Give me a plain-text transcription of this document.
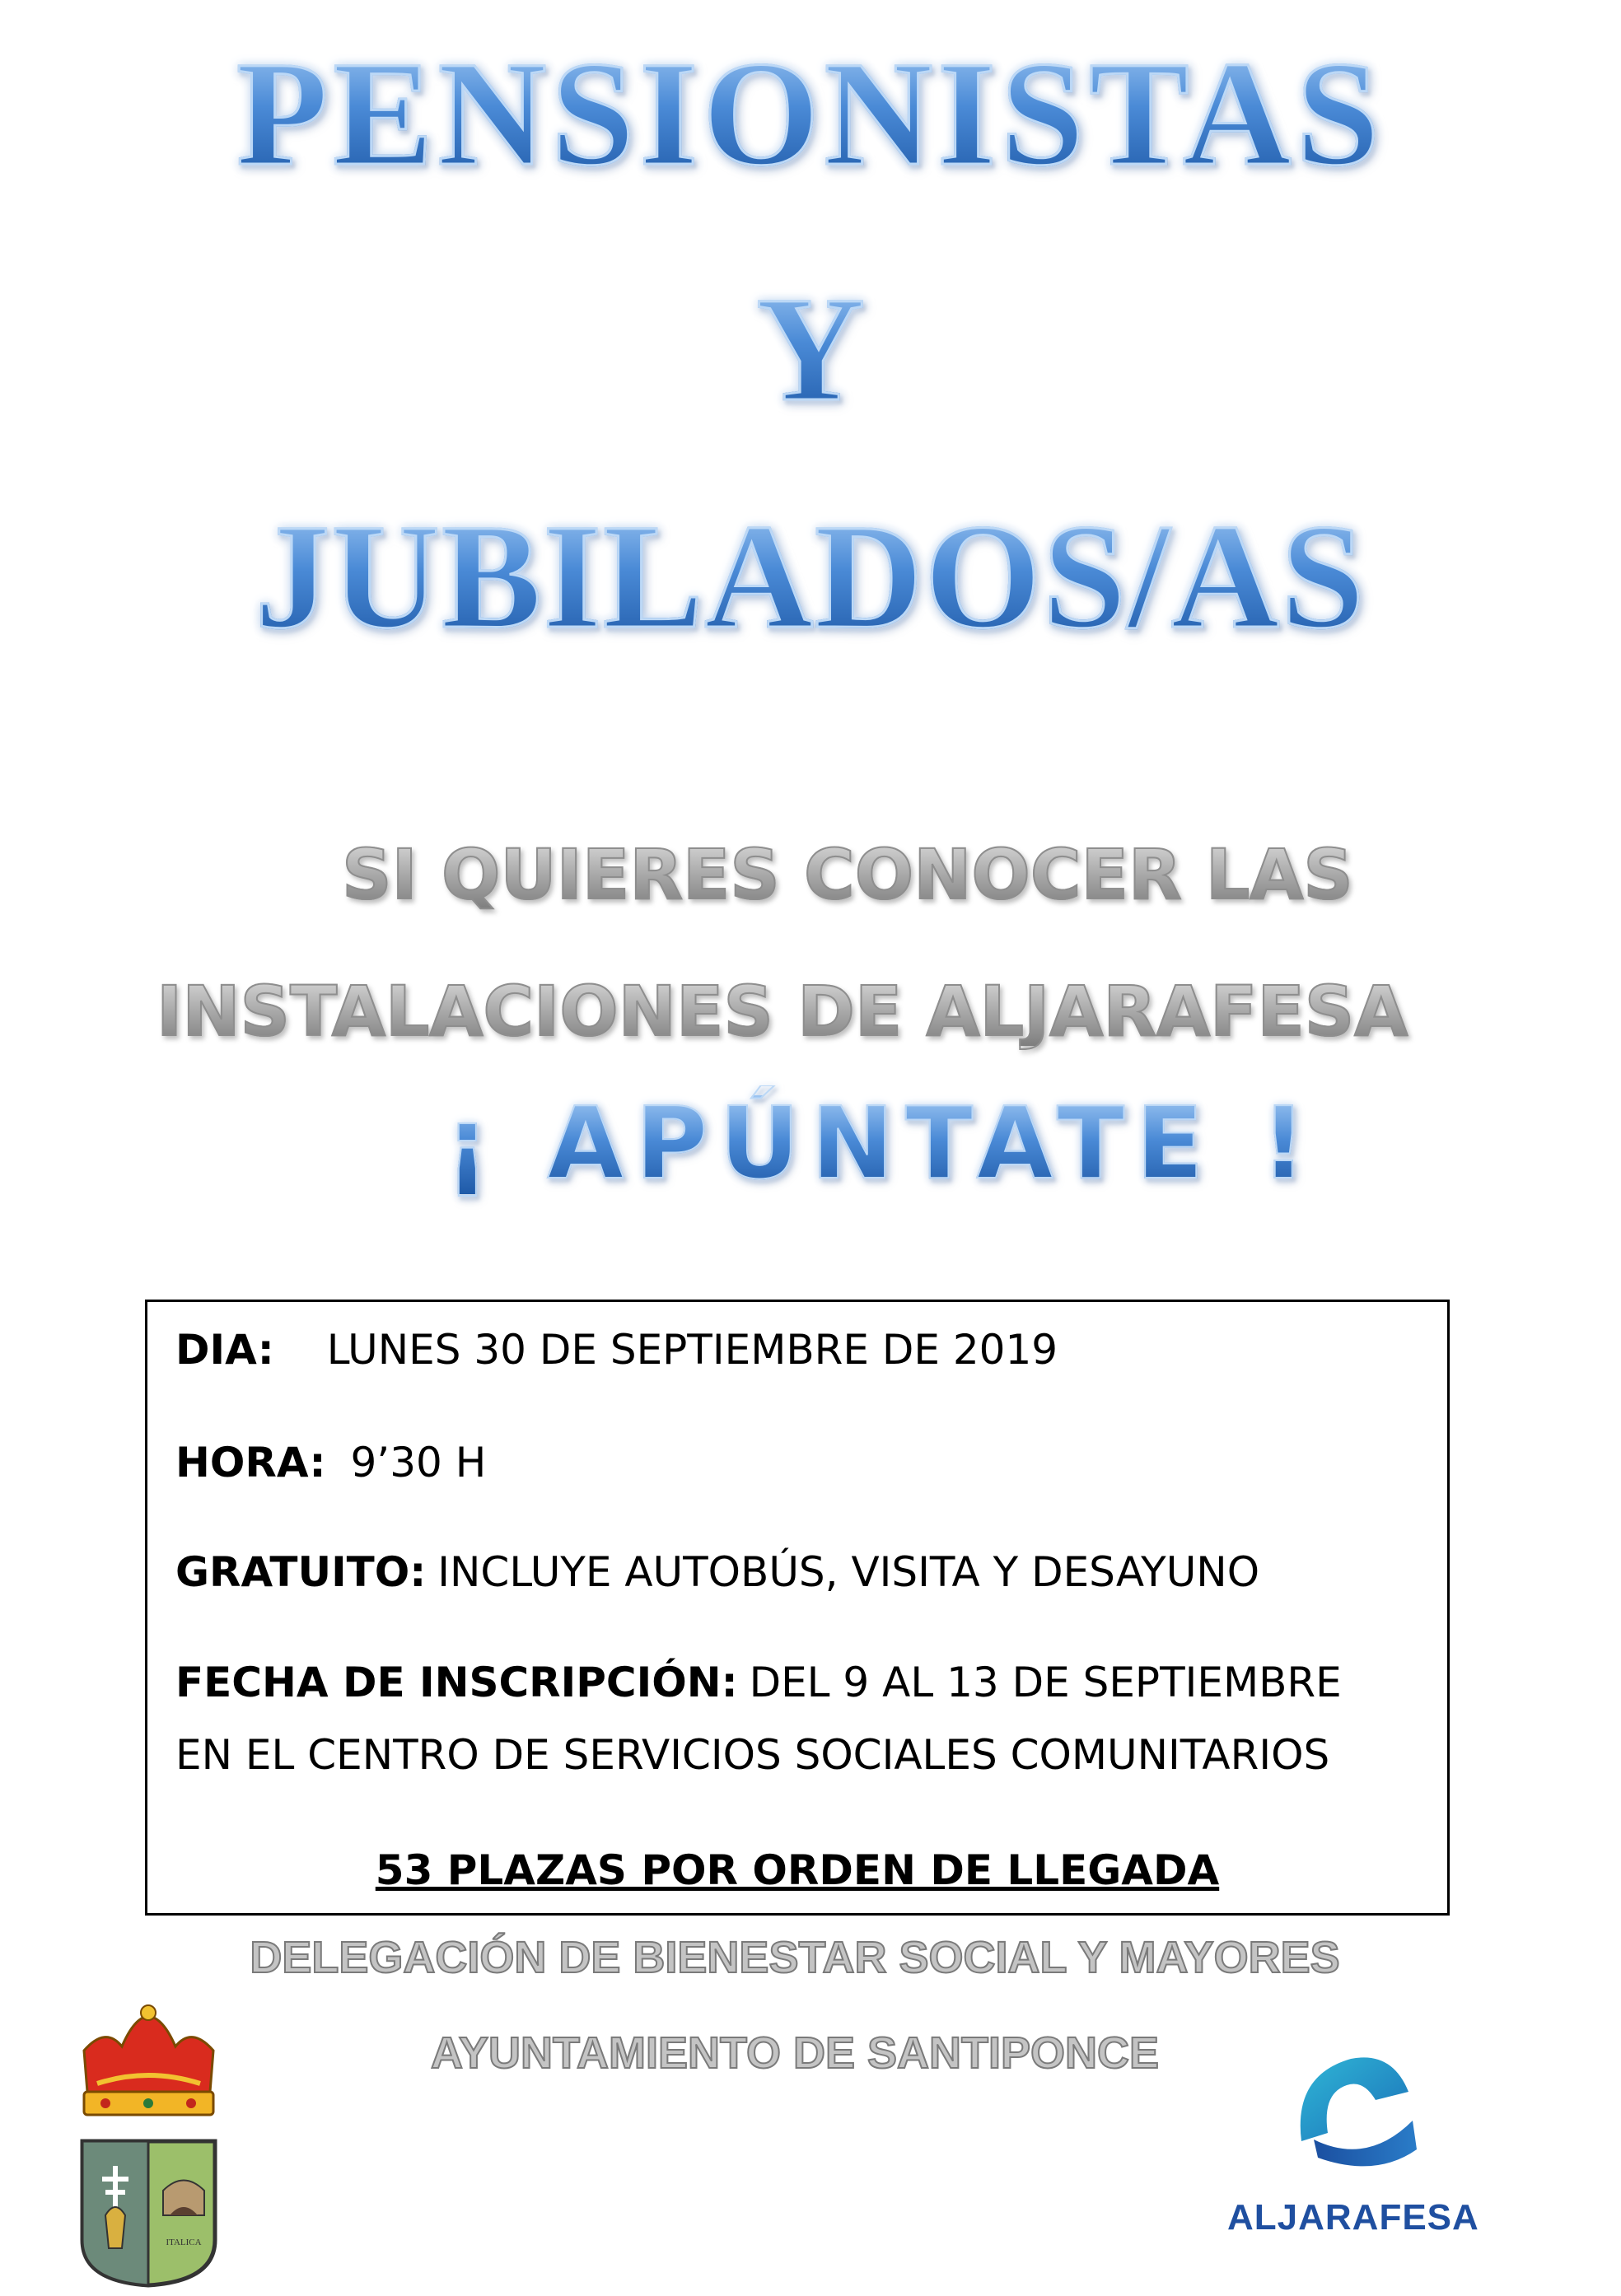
PENSIONISTAS
Y
JUBILADOS/AS
SI QUIERES CONOCER LAS
INSTALACIONES DE ALJARAFESA
¡ APÚNTATE !
DIA: LUNES 30 DE SEPTIEMBRE DE 2019
HORA: 9’30 H
GRATUITO: INCLUYE AUTOBÚS, VISITA Y DESAYUNO
FECHA DE INSCRIPCIÓN: DEL 9 AL 13 DE SEPTIEMBRE
EN EL CENTRO DE SERVICIOS SOCIALES COMUNITARIOS
53 PLAZAS POR ORDEN DE LLEGADA
DELEGACIÓN DE BIENESTAR SOCIAL Y MAYORES
AYUNTAMIENTO DE SANTIPONCE
ITALICA
ALJARAFESA
